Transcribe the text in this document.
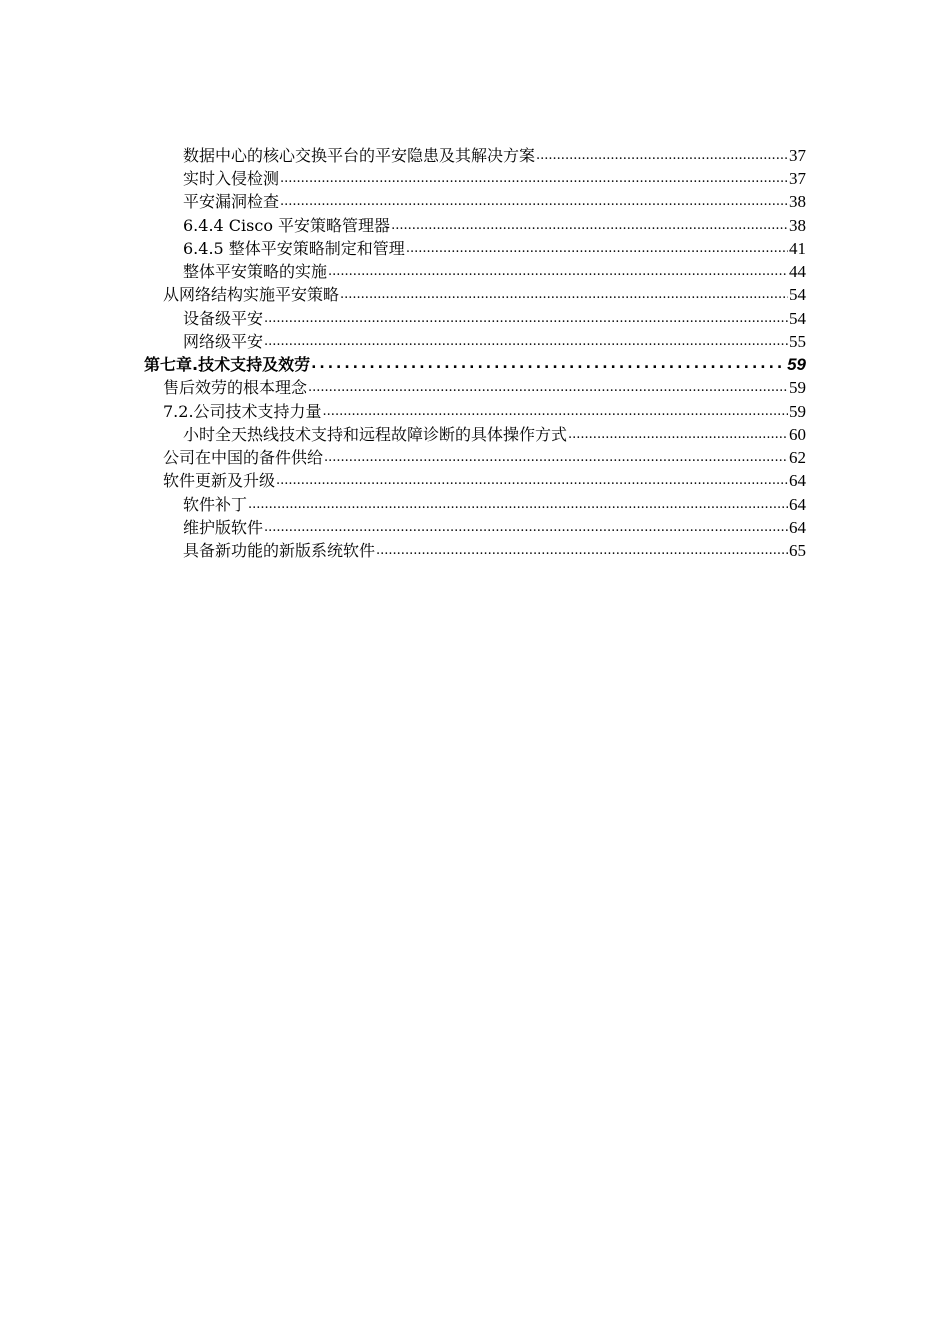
数据中心的核心交换平台的平安隐患及其解决方案 .....	37
实时入侵检测 .....	37
平安漏洞检查 .....	38
6.4.4 Cisco 平安策略管理器 .....	38
6.4.5 整体平安策略制定和管理 .....	41
整体平安策略的实施 .....	44
从网络结构实施平安策略 .....	54
设备级平安 .....	54
网络级平安 .....	55
第七章.技术支持及效劳 .....	59
售后效劳的根本理念 .....	59
7.2.公司技术支持力量 .....	59
小时全天热线技术支持和远程故障诊断的具体操作方式 .....	60
公司在中国的备件供给 .....	62
软件更新及升级 .....	64
软件补丁 .....	64
维护版软件 .....	64
具备新功能的新版系统软件 .....	65
